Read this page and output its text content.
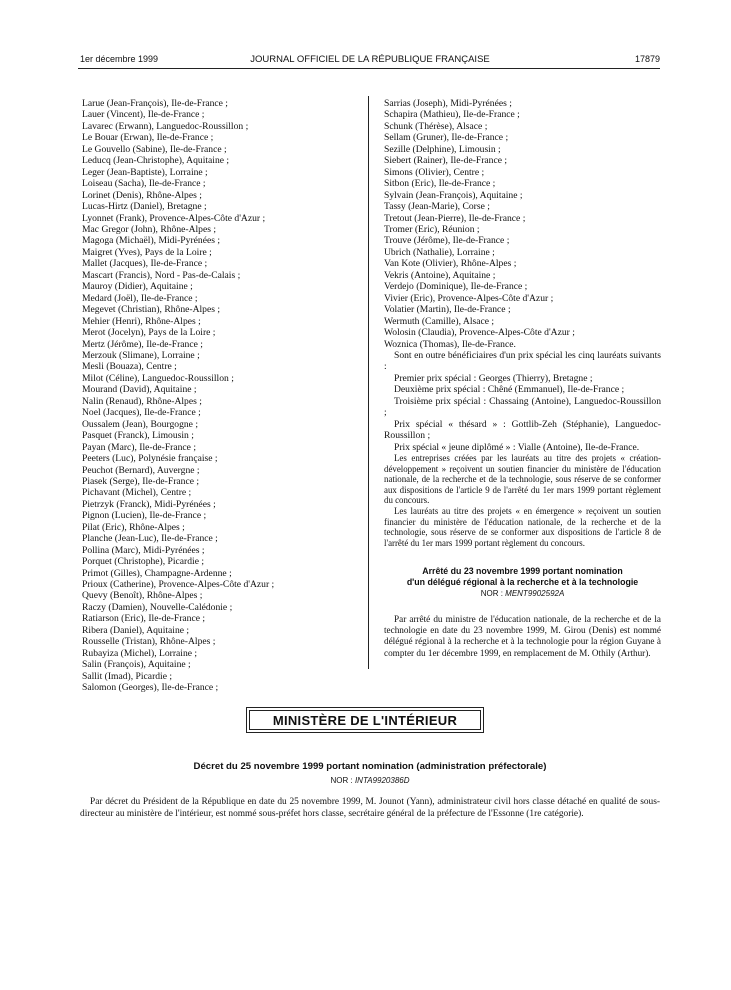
1er décembre 1999	JOURNAL OFFICIEL DE LA RÉPUBLIQUE FRANÇAISE	17879
Larue (Jean-François), Ile-de-France ;
Lauer (Vincent), Ile-de-France ;
Lavarec (Erwann), Languedoc-Roussillon ;
Le Bouar (Erwan), Ile-de-France ;
Le Gouvello (Sabine), Ile-de-France ;
Leducq (Jean-Christophe), Aquitaine ;
Leger (Jean-Baptiste), Lorraine ;
Loiseau (Sacha), Ile-de-France ;
Lorinet (Denis), Rhône-Alpes ;
Lucas-Hirtz (Daniel), Bretagne ;
Lyonnet (Frank), Provence-Alpes-Côte d'Azur ;
Mac Gregor (John), Rhône-Alpes ;
Magoga (Michaël), Midi-Pyrénées ;
Maigret (Yves), Pays de la Loire ;
Mallet (Jacques), Ile-de-France ;
Mascart (Francis), Nord - Pas-de-Calais ;
Mauroy (Didier), Aquitaine ;
Medard (Joël), Ile-de-France ;
Megevet (Christian), Rhône-Alpes ;
Mehier (Henri), Rhône-Alpes ;
Merot (Jocelyn), Pays de la Loire ;
Mertz (Jérôme), Ile-de-France ;
Merzouk (Slimane), Lorraine ;
Mesli (Bouaza), Centre ;
Milot (Céline), Languedoc-Roussillon ;
Mourand (David), Aquitaine ;
Nalin (Renaud), Rhône-Alpes ;
Noel (Jacques), Ile-de-France ;
Oussalem (Jean), Bourgogne ;
Pasquet (Franck), Limousin ;
Payan (Marc), Ile-de-France ;
Peeters (Luc), Polynésie française ;
Peuchot (Bernard), Auvergne ;
Piasek (Serge), Ile-de-France ;
Pichavant (Michel), Centre ;
Pietrzyk (Franck), Midi-Pyrénées ;
Pignon (Lucien), Ile-de-France ;
Pilat (Eric), Rhône-Alpes ;
Planche (Jean-Luc), Ile-de-France ;
Pollina (Marc), Midi-Pyrénées ;
Porquet (Christophe), Picardie ;
Primot (Gilles), Champagne-Ardenne ;
Prioux (Catherine), Provence-Alpes-Côte d'Azur ;
Quevy (Benoît), Rhône-Alpes ;
Raczy (Damien), Nouvelle-Calédonie ;
Ratiarson (Eric), Ile-de-France ;
Ribera (Daniel), Aquitaine ;
Rousselle (Tristan), Rhône-Alpes ;
Rubayiza (Michel), Lorraine ;
Salin (François), Aquitaine ;
Sallit (Imad), Picardie ;
Salomon (Georges), Ile-de-France ;
Sarrias (Joseph), Midi-Pyrénées ;
Schapira (Mathieu), Ile-de-France ;
Schunk (Thérèse), Alsace ;
Sellam (Gruner), Ile-de-France ;
Sezille (Delphine), Limousin ;
Siebert (Rainer), Ile-de-France ;
Simons (Olivier), Centre ;
Sitbon (Eric), Ile-de-France ;
Sylvain (Jean-François), Aquitaine ;
Tassy (Jean-Marie), Corse ;
Tretout (Jean-Pierre), Ile-de-France ;
Tromer (Eric), Réunion ;
Trouve (Jérôme), Ile-de-France ;
Ubrich (Nathalie), Lorraine ;
Van Kote (Olivier), Rhône-Alpes ;
Vekris (Antoine), Aquitaine ;
Verdejo (Dominique), Ile-de-France ;
Vivier (Eric), Provence-Alpes-Côte d'Azur ;
Volatier (Martin), Ile-de-France ;
Wermuth (Camille), Alsace ;
Wolosin (Claudia), Provence-Alpes-Côte d'Azur ;
Woznica (Thomas), Ile-de-France.

Sont en outre bénéficiaires d'un prix spécial les cinq lauréats suivants :

Premier prix spécial : Georges (Thierry), Bretagne ;
Deuxième prix spécial : Chêné (Emmanuel), Ile-de-France ;
Troisième prix spécial : Chassaing (Antoine), Languedoc-Roussillon ;
Prix spécial « thésard » : Gottlib-Zeh (Stéphanie), Languedoc-Roussillon ;
Prix spécial « jeune diplômé » : Vialle (Antoine), Ile-de-France.

Les entreprises créées par les lauréats au titre des projets « création-développement » reçoivent un soutien financier du ministère de l'éducation nationale, de la recherche et de la technologie, sous réserve de se conformer aux dispositions de l'article 9 de l'arrêté du 1er mars 1999 portant règlement du concours.

Les lauréats au titre des projets « en émergence » reçoivent un soutien financier du ministère de l'éducation nationale, de la recherche et de la technologie, sous réserve de se conformer aux dispositions de l'article 8 de l'arrêté du 1er mars 1999 portant règlement du concours.

Arrêté du 23 novembre 1999 portant nomination
d'un délégué régional à la recherche et à la technologie
NOR : MENT9902592A

Par arrêté du ministre de l'éducation nationale, de la recherche et de la technologie en date du 23 novembre 1999, M. Girou (Denis) est nommé délégué régional à la recherche et à la technologie pour la région Guyane à compter du 1er décembre 1999, en remplacement de M. Othily (Arthur).

MINISTÈRE DE L'INTÉRIEUR
Décret du 25 novembre 1999 portant nomination (administration préfectorale)
NOR : INTA9920386D

Par décret du Président de la République en date du 25 novembre 1999, M. Jounot (Yann), administrateur civil hors classe détaché en qualité de sous-directeur au ministère de l'intérieur, est nommé sous-préfet hors classe, secrétaire général de la préfecture de l'Essonne (1re catégorie).
